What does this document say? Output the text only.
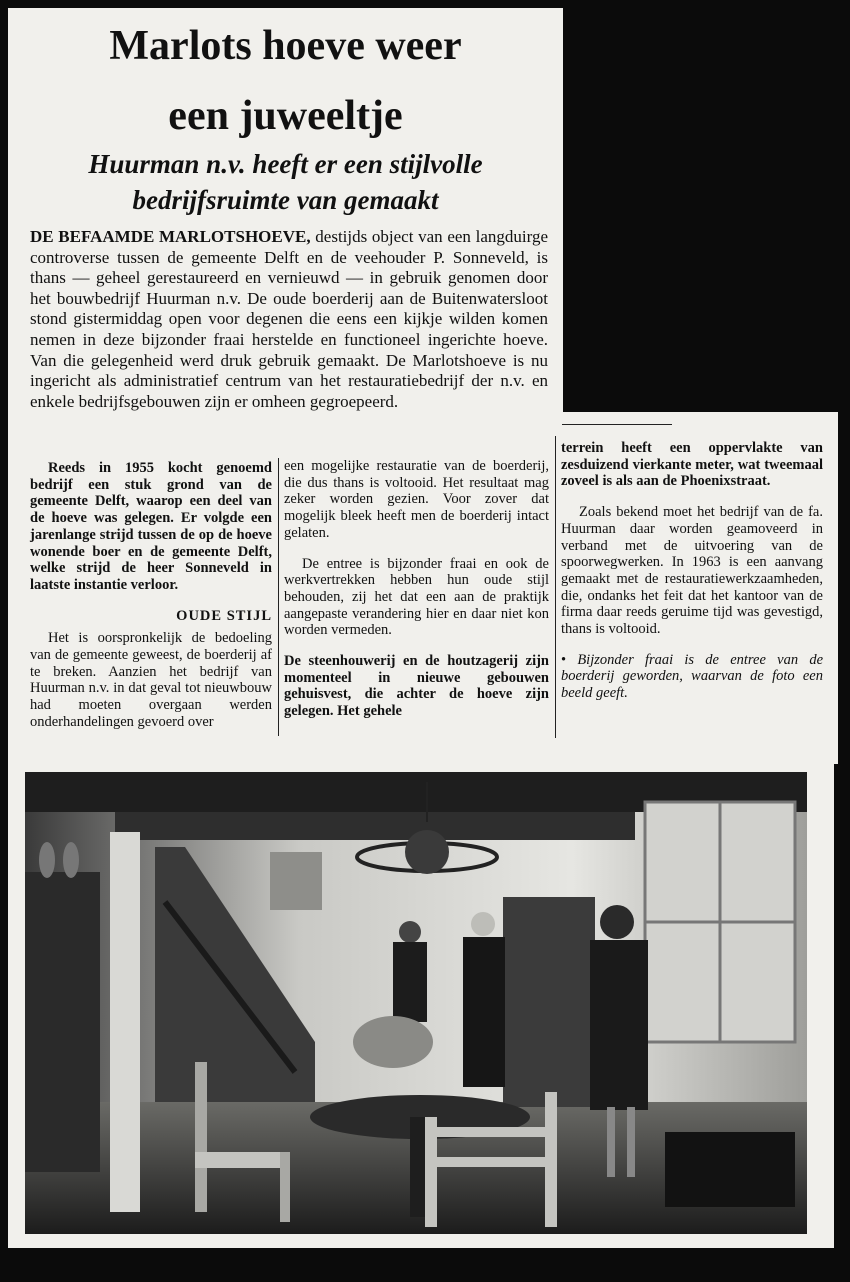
Marlots hoeve weer
een juweeltje
Huurman n.v. heeft er een stijlvolle
bedrijfsruimte van gemaakt

DE BEFAAMDE MARLOTSHOEVE, destijds object van een langduirge controverse tussen de gemeente Delft en de veehouder P. Sonneveld, is thans — geheel gerestaureerd en vernieuwd — in gebruik genomen door het bouwbedrijf Huurman n.v. De oude boerderij aan de Buitenwatersloot stond gistermiddag open voor degenen die eens een kijkje wilden komen nemen in deze bijzonder fraai herstelde en functioneel ingerichte hoeve. Van die gelegenheid werd druk gebruik gemaakt. De Marlotshoeve is nu ingericht als administratief centrum van het restauratiebedrijf der n.v. en enkele bedrijfsgebouwen zijn er omheen gegroepeerd.

Reeds in 1955 kocht genoemd bedrijf een stuk grond van de gemeente Delft, waarop een deel van de hoeve was gelegen. Er volgde een jarenlange strijd tussen de op de hoeve wonende boer en de gemeente Delft, welke strijd de heer Sonneveld in laatste instantie verloor.

OUDE STIJL

Het is oorspronkelijk de bedoeling van de gemeente geweest, de boerderij af te breken. Aanzien het bedrijf van Huurman n.v. in dat geval tot nieuwbouw had moeten overgaan werden onderhandelingen gevoerd over

een mogelijke restauratie van de boerderij, die dus thans is voltooid. Het resultaat mag zeker worden gezien. Voor zover dat mogelijk bleek heeft men de boerderij intact gelaten.

De entree is bijzonder fraai en ook de werkvertrekken hebben hun oude stijl behouden, zij het dat een aan de praktijk aangepaste verandering hier en daar niet kon worden vermeden.

De steenhouwerij en de houtzagerij zijn momenteel in nieuwe gebouwen gehuisvest, die achter de hoeve zijn gelegen. Het gehele

terrein heeft een oppervlakte van zesduizend vierkante meter, wat tweemaal zoveel is als aan de Phoenixstraat.

Zoals bekend moet het bedrijf van de fa. Huurman daar worden geamoveerd in verband met de uitvoering van de spoorwegwerken. In 1963 is een aanvang gemaakt met de restauratiewerkzaamheden, die, ondanks het feit dat het kantoor van de firma daar reeds geruime tijd was gevestigd, thans is voltooid.

• Bijzonder fraai is de entree van de boerderij geworden, waarvan de foto een beeld geeft.
